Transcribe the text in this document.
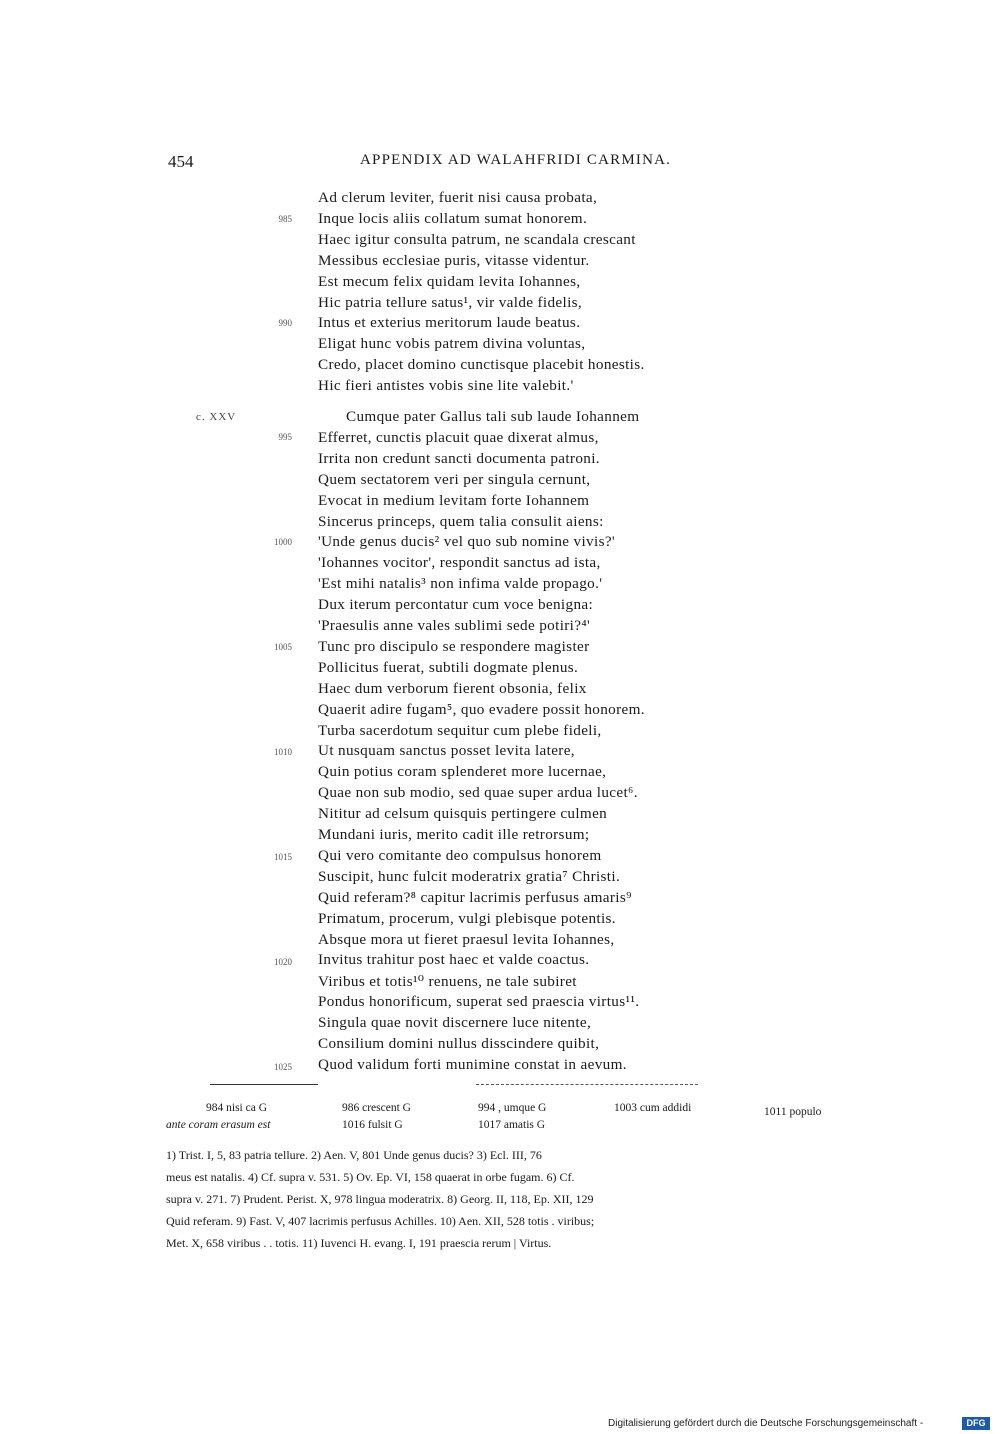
454	APPENDIX AD WALAHFRIDI CARMINA.
Ad clerum leviter, fuerit nisi causa probata,
Inque locis aliis collatum sumat honorem.
Haec igitur consulta patrum, ne scandala crescant
Messibus ecclesiae puris, vitasse videntur.
Est mecum felix quidam levita Iohannes,
Hic patria tellure satus¹, vir valde fidelis,
Intus et exterius meritorum laude beatus.
Eligat hunc vobis patrem divina voluntas,
Credo, placet domino cunctisque placebit honestis.
Hic fieri antistes vobis sine lite valebit.'
Cumque pater Gallus tali sub laude Iohannem
Efferret, cunctis placuit quae dixerat almus,
Irrita non credunt sancti documenta patroni.
Quem sectatorem veri per singula cernunt,
Evocat in medium levitam forte Iohannem
Sincerus princeps, quem talia consulit aiens:
'Unde genus ducis² vel quo sub nomine vivis?'
'Iohannes vocitor', respondit sanctus ad ista,
'Est mihi natalis³ non infima valde propago.'
Dux iterum percontatur cum voce benigna:
'Praesulis anne vales sublimi sede potiri?⁴'
Tunc pro discipulo se respondere magister
Pollicitus fuerat, subtili dogmate plenus.
Haec dum verborum fierent obsonia, felix
Quaerit adire fugam⁵, quo evadere possit honorem.
Turba sacerdotum sequitur cum plebe fideli,
Ut nusquam sanctus posset levita latere,
Quin potius coram splenderet more lucernae,
Quae non sub modio, sed quae super ardua lucet⁶.
Nititur ad celsum quisquis pertingere culmen
Mundani iuris, merito cadit ille retrorsum;
Qui vero comitante deo compulsus honorem
Suscipit, hunc fulcit moderatrix gratia⁷ Christi.
Quid referam?⁸ capitur lacrimis perfusus amaris⁹
Primatum, procerum, vulgi plebisque potentis.
Absque mora ut fieret praesul levita Iohannes,
Invitus trahitur post haec et valde coactus.
Viribus et totis¹⁰ renuens, ne tale subiret
Pondus honorificum, superat sed praescia virtus¹¹.
Singula quae novit discernere luce nitente,
Consilium domini nullus disscindere quibit,
Quod validum forti munimine constat in aevum.
985
990
995
1000
1005
1010
1015
1020
1025
c. XXV
984 nisi ca G	986 crescent G	994 , umque G	1003 cum addidi	1011 populo
ante coram erasum est	1016 fulsit G	1017 amatis G
1) Trist. I, 5, 83 patria tellure. 2) Aen. V, 801 Unde genus ducis? 3) Ecl. III, 76
meus est natalis. 4) Cf. supra v. 531. 5) Ov. Ep. VI, 158 quaerat in orbe fugam. 6) Cf.
supra v. 271. 7) Prudent. Perist. X, 978 lingua moderatrix. 8) Georg. II, 118, Ep. XII, 129
Quid referam. 9) Fast. V, 407 lacrimis perfusus Achilles. 10) Aen. XII, 528 totis . viribus;
Met. X, 658 viribus . . totis. 11) Iuvenci H. evang. I, 191 praescia rerum | Virtus.
Digitalisierung gefördert durch die Deutsche Forschungsgemeinschaft -	DFG
